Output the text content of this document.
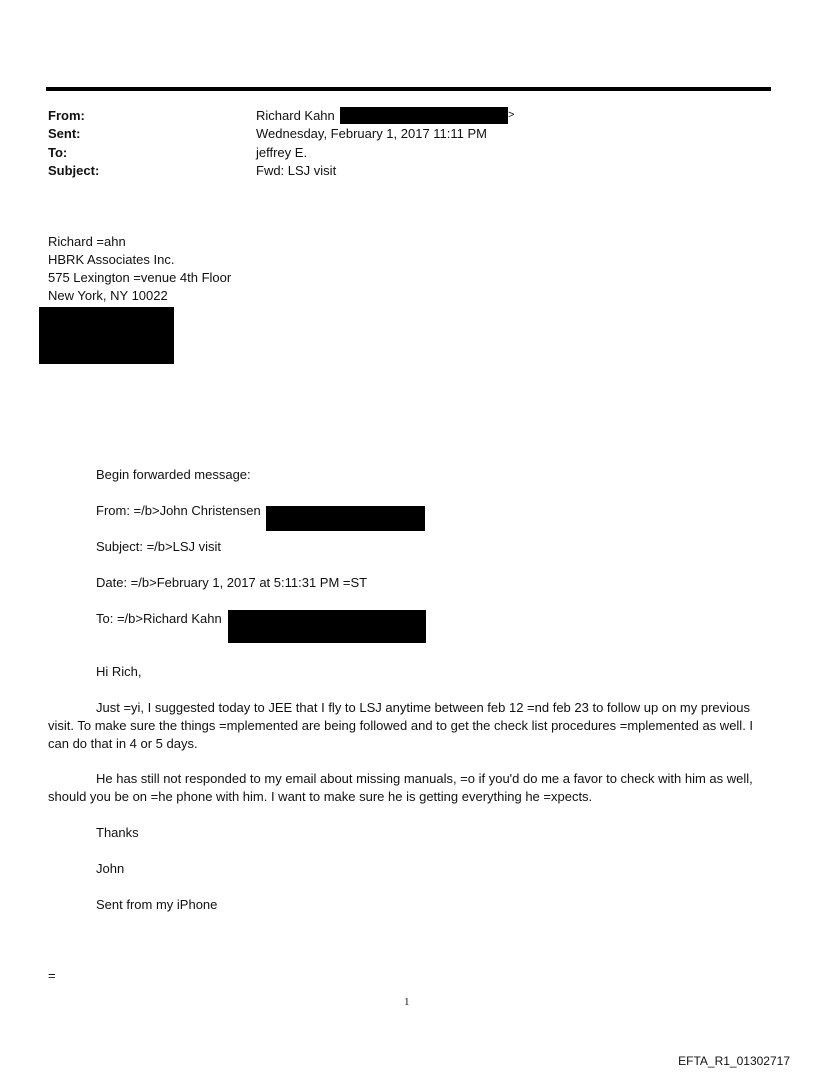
From:	Richard Kahn	>
Sent:	Wednesday, February 1, 2017 11:11 PM
To:	jeffrey E.
Subject:	Fwd: LSJ visit
Richard =ahn
HBRK Associates Inc.
575 Lexington =venue 4th Floor
New York, NY 10022
Begin forwarded message:
From: =/b>John Christensen
Subject: =/b>LSJ visit
Date: =/b>February 1, 2017 at 5:11:31 PM =ST
To: =/b>Richard Kahn
Hi Rich,
Just =yi, I suggested today to JEE that I fly to LSJ anytime between feb 12 =nd feb 23 to follow up on my previous visit. To make sure the things =mplemented are being followed and to get the check list procedures =mplemented as well. I can do that in 4 or 5 days.
He has still not responded to my email about missing manuals, =o if you'd do me a favor to check with him as well, should you be on =he phone with him. I want to make sure he is getting everything he =xpects.
Thanks
John
Sent from my iPhone
=
1
EFTA_R1_01302717
